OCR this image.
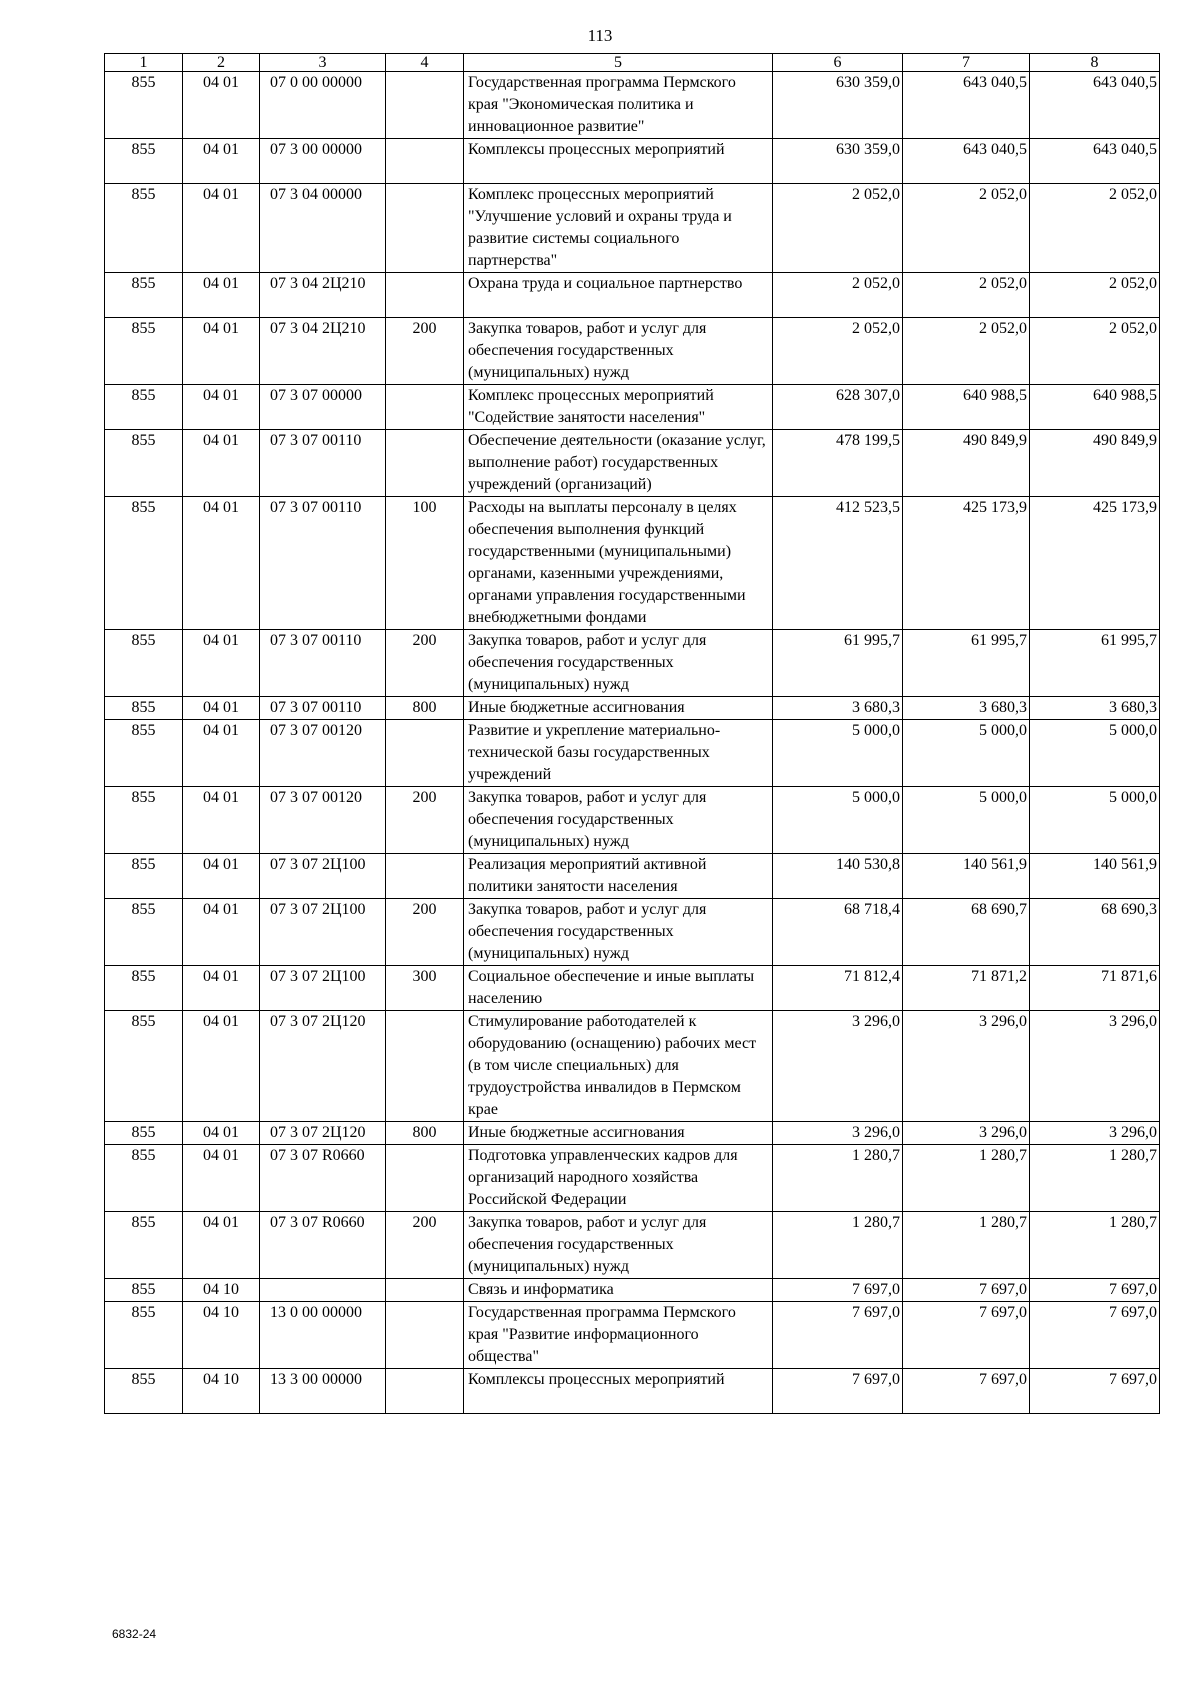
113
1	2	3	4	5	6	7	8
855	04 01	07 0 00 00000		Государственная программа Пермского края "Экономическая политика и инновационное развитие"	630 359,0	643 040,5	643 040,5
855	04 01	07 3 00 00000		Комплексы процессных мероприятий	630 359,0	643 040,5	643 040,5
855	04 01	07 3 04 00000		Комплекс процессных мероприятий "Улучшение условий и охраны труда и развитие системы социального партнерства"	2 052,0	2 052,0	2 052,0
855	04 01	07 3 04 2Ц210		Охрана труда и социальное партнерство	2 052,0	2 052,0	2 052,0
855	04 01	07 3 04 2Ц210	200	Закупка товаров, работ и услуг для обеспечения государственных (муниципальных) нужд	2 052,0	2 052,0	2 052,0
855	04 01	07 3 07 00000		Комплекс процессных мероприятий "Содействие занятости населения"	628 307,0	640 988,5	640 988,5
855	04 01	07 3 07 00110		Обеспечение деятельности (оказание услуг, выполнение работ) государственных учреждений (организаций)	478 199,5	490 849,9	490 849,9
855	04 01	07 3 07 00110	100	Расходы на выплаты персоналу в целях обеспечения выполнения функций государственными (муниципальными) органами, казенными учреждениями, органами управления государственными внебюджетными фондами	412 523,5	425 173,9	425 173,9
855	04 01	07 3 07 00110	200	Закупка товаров, работ и услуг для обеспечения государственных (муниципальных) нужд	61 995,7	61 995,7	61 995,7
855	04 01	07 3 07 00110	800	Иные бюджетные ассигнования	3 680,3	3 680,3	3 680,3
855	04 01	07 3 07 00120		Развитие и укрепление материально-технической базы государственных учреждений	5 000,0	5 000,0	5 000,0
855	04 01	07 3 07 00120	200	Закупка товаров, работ и услуг для обеспечения государственных (муниципальных) нужд	5 000,0	5 000,0	5 000,0
855	04 01	07 3 07 2Ц100		Реализация мероприятий активной политики занятости населения	140 530,8	140 561,9	140 561,9
855	04 01	07 3 07 2Ц100	200	Закупка товаров, работ и услуг для обеспечения государственных (муниципальных) нужд	68 718,4	68 690,7	68 690,3
855	04 01	07 3 07 2Ц100	300	Социальное обеспечение и иные выплаты населению	71 812,4	71 871,2	71 871,6
855	04 01	07 3 07 2Ц120		Стимулирование работодателей к оборудованию (оснащению) рабочих мест (в том числе специальных) для трудоустройства инвалидов в Пермском крае	3 296,0	3 296,0	3 296,0
855	04 01	07 3 07 2Ц120	800	Иные бюджетные ассигнования	3 296,0	3 296,0	3 296,0
855	04 01	07 3 07 R0660		Подготовка управленческих кадров для организаций народного хозяйства Российской Федерации	1 280,7	1 280,7	1 280,7
855	04 01	07 3 07 R0660	200	Закупка товаров, работ и услуг для обеспечения государственных (муниципальных) нужд	1 280,7	1 280,7	1 280,7
855	04 10			Связь и информатика	7 697,0	7 697,0	7 697,0
855	04 10	13 0 00 00000		Государственная программа Пермского края "Развитие информационного общества"	7 697,0	7 697,0	7 697,0
855	04 10	13 3 00 00000		Комплексы процессных мероприятий	7 697,0	7 697,0	7 697,0
6832-24
